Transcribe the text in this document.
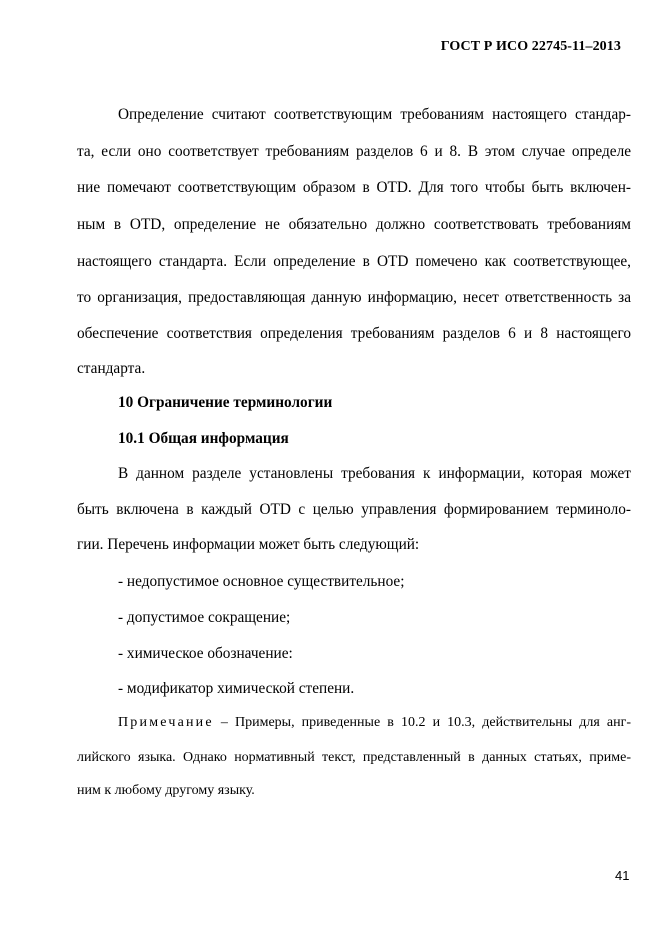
ГОСТ Р ИСО 22745-11–2013
Определение считают соответствующим требованиям настоящего стандар-
та, если оно соответствует требованиям разделов 6 и 8. В этом случае определе
ние помечают соответствующим образом в OTD. Для того чтобы быть включен-
ным в OTD, определение не обязательно должно соответствовать требованиям
настоящего стандарта. Если определение в OTD помечено как соответствующее,
то организация, предоставляющая данную информацию, несет ответственность за
обеспечение соответствия определения требованиям разделов 6 и 8 настоящего
стандарта.
10 Ограничение терминологии
10.1 Общая информация
В данном разделе установлены требования к информации, которая может
быть включена в каждый OTD с целью управления формированием терминоло-
гии. Перечень информации может быть следующий:
- недопустимое основное существительное;
- допустимое сокращение;
- химическое обозначение:
- модификатор химической степени.
Примечание – Примеры, приведенные в 10.2 и 10.3, действительны для анг-
лийского языка. Однако нормативный текст, представленный в данных статьях, приме-
ним к любому другому языку.
41
